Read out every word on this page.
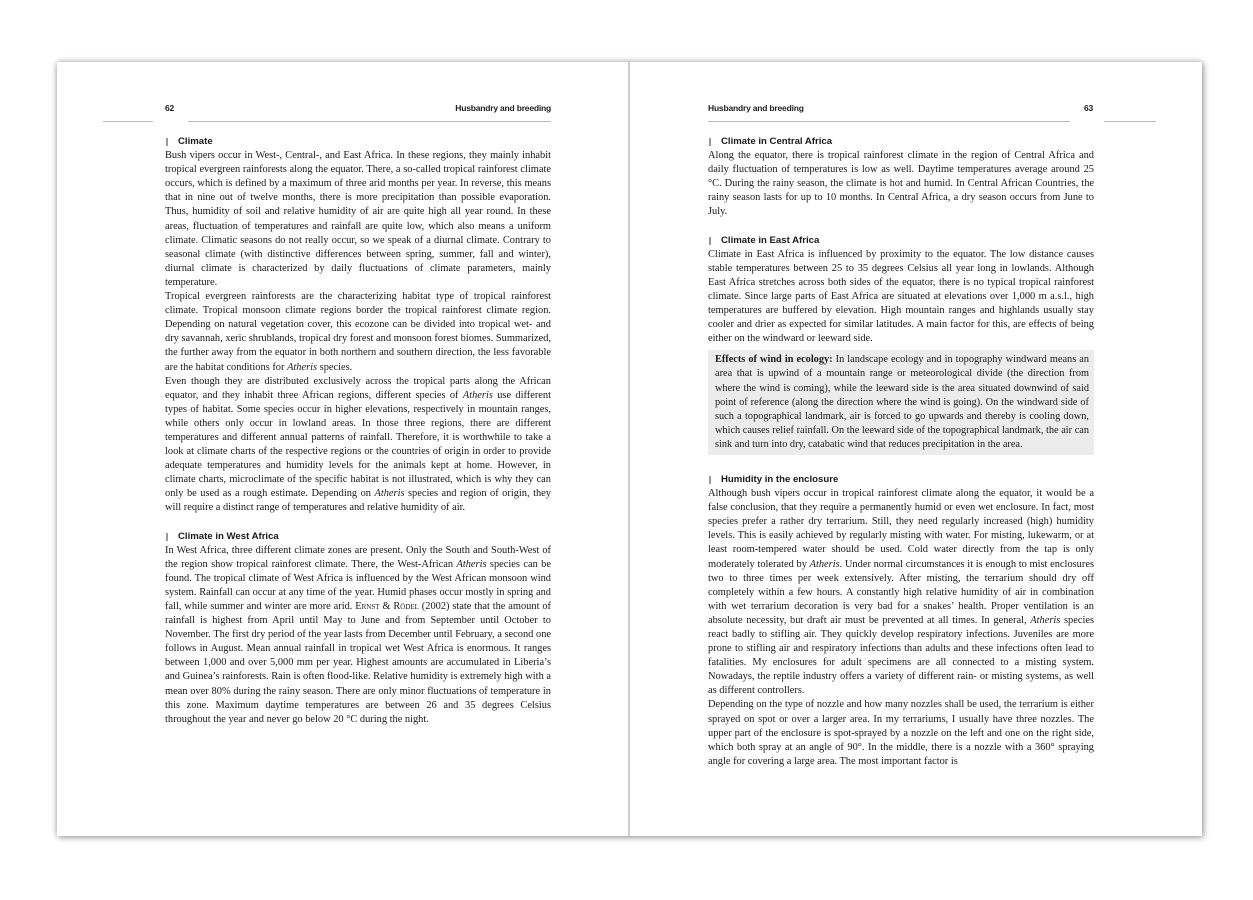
62	Husbandry and breeding
Climate

Bush vipers occur in West-, Central-, and East Africa. In these regions, they mainly inhabit tropical evergreen rainforests along the equator. There, a so-called tropical rainforest climate occurs, which is defined by a maximum of three arid months per year. In reverse, this means that in nine out of twelve months, there is more precipitation than possible evaporation. Thus, humidity of soil and relative humidity of air are quite high all year round. In these areas, fluctuation of temperatures and rainfall are quite low, which also means a uniform climate. Climatic seasons do not really occur, so we speak of a diurnal climate. Contrary to seasonal climate (with distinctive differences between spring, summer, fall and winter), diurnal climate is characterized by daily fluctuations of climate parameters, mainly temperature.

Tropical evergreen rainforests are the characterizing habitat type of tropical rainforest climate. Tropical monsoon climate regions border the tropical rainforest climate region. Depending on natural vegetation cover, this ecozone can be divided into tropical wet- and dry savannah, xeric shrublands, tropical dry forest and monsoon forest biomes. Summarized, the further away from the equator in both northern and southern direction, the less favorable are the habitat conditions for Atheris species.

Even though they are distributed exclusively across the tropical parts along the African equator, and they inhabit three African regions, different species of Atheris use different types of habitat. Some species occur in higher elevations, respectively in mountain ranges, while others only occur in lowland areas. In those three regions, there are different temperatures and different annual patterns of rainfall. Therefore, it is worthwhile to take a look at climate charts of the respective regions or the countries of origin in order to provide adequate temperatures and humidity levels for the animals kept at home. However, in climate charts, microclimate of the specific habitat is not illustrated, which is why they can only be used as a rough estimate. Depending on Atheris species and region of origin, they will require a distinct range of temperatures and relative humidity of air.

Climate in West Africa

In West Africa, three different climate zones are present. Only the South and South-West of the region show tropical rainforest climate. There, the West-African Atheris species can be found. The tropical climate of West Africa is influenced by the West African monsoon wind system. Rainfall can occur at any time of the year. Humid phases occur mostly in spring and fall, while summer and winter are more arid. Ernst & Rödel (2002) state that the amount of rainfall is highest from April until May to June and from September until October to November. The first dry period of the year lasts from December until February, a second one follows in August. Mean annual rainfall in tropical wet West Africa is enormous. It ranges between 1,000 and over 5,000 mm per year. Highest amounts are accumulated in Liberia’s and Guinea’s rainforests. Rain is often flood-like. Relative humidity is extremely high with a mean over 80% during the rainy season. There are only minor fluctuations of temperature in this zone. Maximum daytime temperatures are between 26 and 35 degrees Celsius throughout the year and never go below 20 °C during the night.

Husbandry and breeding	63
Climate in Central Africa

Along the equator, there is tropical rainforest climate in the region of Central Africa and daily fluctuation of temperatures is low as well. Daytime temperatures average around 25 °C. During the rainy season, the climate is hot and humid. In Central African Countries, the rainy season lasts for up to 10 months. In Central Africa, a dry season occurs from June to July.

Climate in East Africa

Climate in East Africa is influenced by proximity to the equator. The low distance causes stable temperatures between 25 to 35 degrees Celsius all year long in lowlands. Although East Africa stretches across both sides of the equator, there is no typical tropical rainforest climate. Since large parts of East Africa are situated at elevations over 1,000 m a.s.l., high temperatures are buffered by elevation. High mountain ranges and highlands usually stay cooler and drier as expected for similar latitudes. A main factor for this, are effects of being either on the windward or leeward side.

Effects of wind in ecology: In landscape ecology and in topography windward means an area that is upwind of a mountain range or meteorological divide (the direction from where the wind is coming), while the leeward side is the area situated downwind of said point of reference (along the direction where the wind is going). On the windward side of such a topographical landmark, air is forced to go upwards and thereby is cooling down, which causes relief rainfall. On the leeward side of the topographical landmark, the air can sink and turn into dry, catabatic wind that reduces precipitation in the area.
Humidity in the enclosure

Although bush vipers occur in tropical rainforest climate along the equator, it would be a false conclusion, that they require a permanently humid or even wet enclosure. In fact, most species prefer a rather dry terrarium. Still, they need regularly increased (high) humidity levels. This is easily achieved by regularly misting with water. For misting, lukewarm, or at least room-tempered water should be used. Cold water directly from the tap is only moderately tolerated by Atheris. Under normal circumstances it is enough to mist enclosures two to three times per week extensively. After misting, the terrarium should dry off completely within a few hours. A constantly high relative humidity of air in combination with wet terrarium decoration is very bad for a snakes’ health. Proper ventilation is an absolute necessity, but draft air must be prevented at all times. In general, Atheris species react badly to stifling air. They quickly develop respiratory infections. Juveniles are more prone to stifling air and respiratory infections than adults and these infections often lead to fatalities. My enclosures for adult specimens are all connected to a misting system. Nowadays, the reptile industry offers a variety of different rain- or misting systems, as well as different controllers.

Depending on the type of nozzle and how many nozzles shall be used, the terrarium is either sprayed on spot or over a larger area. In my terrariums, I usually have three nozzles. The upper part of the enclosure is spot-sprayed by a nozzle on the left and one on the right side, which both spray at an angle of 90°. In the middle, there is a nozzle with a 360° spraying angle for covering a large area. The most important factor is
